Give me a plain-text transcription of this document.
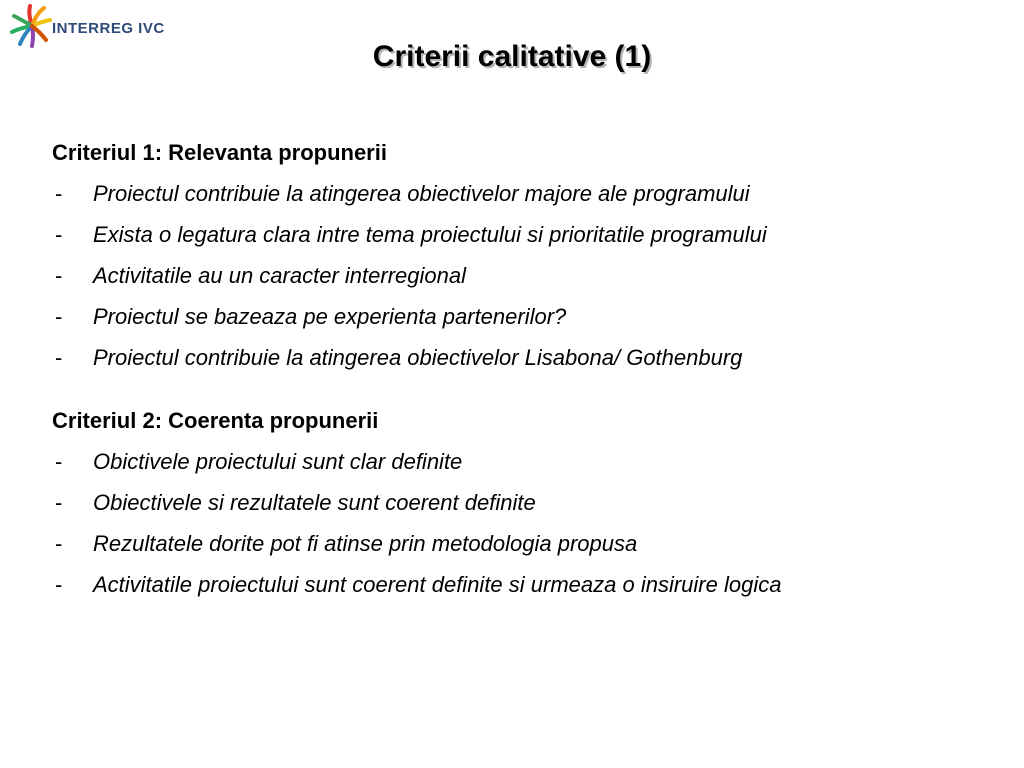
INTERREG IVC
Criterii calitative (1)
Criteriul 1: Relevanta propunerii
- Proiectul contribuie la atingerea obiectivelor majore ale programului
- Exista o legatura clara intre tema proiectului si prioritatile programului
- Activitatile au un caracter interregional
- Proiectul se bazeaza pe experienta partenerilor?
- Proiectul contribuie la atingerea obiectivelor Lisabona/ Gothenburg
Criteriul 2: Coerenta propunerii
- Obictivele proiectului sunt clar definite
- Obiectivele si rezultatele sunt coerent definite
- Rezultatele dorite pot fi atinse prin metodologia propusa
- Activitatile proiectului sunt coerent definite si urmeaza o insiruire logica
